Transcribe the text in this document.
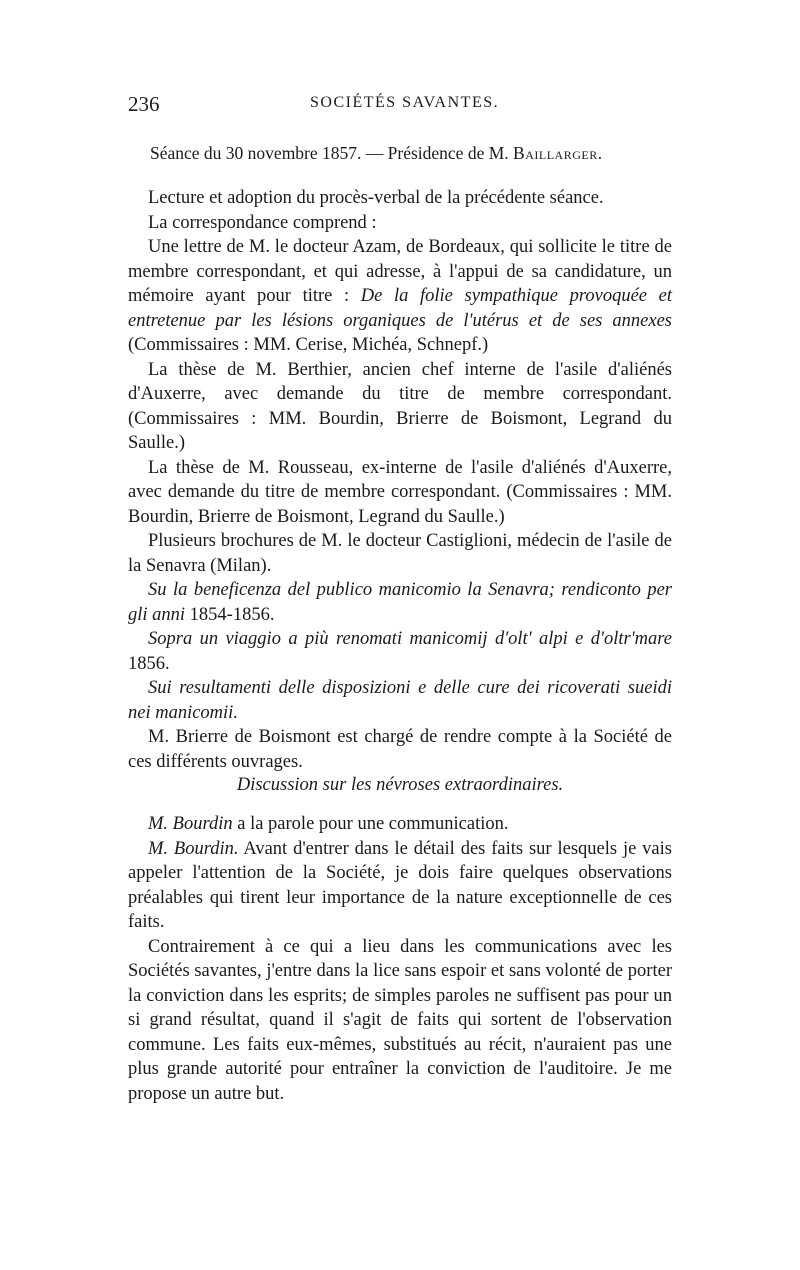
236	SOCIÉTÉS SAVANTES.
Séance du 30 novembre 1857. — Présidence de M. Baillarger.

Lecture et adoption du procès-verbal de la précédente séance.

La correspondance comprend :

Une lettre de M. le docteur Azam, de Bordeaux, qui sollicite le titre de membre correspondant, et qui adresse, à l'appui de sa candidature, un mémoire ayant pour titre : De la folie sympathique provoquée et entretenue par les lésions organiques de l'utérus et de ses annexes (Commissaires : MM. Cerise, Michéa, Schnepf.)

La thèse de M. Berthier, ancien chef interne de l'asile d'aliénés d'Auxerre, avec demande du titre de membre correspondant. (Commissaires : MM. Bourdin, Brierre de Boismont, Legrand du Saulle.)

La thèse de M. Rousseau, ex-interne de l'asile d'aliénés d'Auxerre, avec demande du titre de membre correspondant. (Commissaires : MM. Bourdin, Brierre de Boismont, Legrand du Saulle.)

Plusieurs brochures de M. le docteur Castiglioni, médecin de l'asile de la Senavra (Milan).

Su la beneficenza del publico manicomio la Senavra; rendiconto per gli anni 1854-1856.

Sopra un viaggio a più renomati manicomij d'olt' alpi e d'oltr'mare 1856.

Sui resultamenti delle disposizioni e delle cure dei ricoverati sueidi nei manicomii.

M. Brierre de Boismont est chargé de rendre compte à la Société de ces différents ouvrages.

Discussion sur les névroses extraordinaires.

M. Bourdin a la parole pour une communication.

M. Bourdin. Avant d'entrer dans le détail des faits sur lesquels je vais appeler l'attention de la Société, je dois faire quelques observations préalables qui tirent leur importance de la nature exceptionnelle de ces faits.

Contrairement à ce qui a lieu dans les communications avec les Sociétés savantes, j'entre dans la lice sans espoir et sans volonté de porter la conviction dans les esprits; de simples paroles ne suffisent pas pour un si grand résultat, quand il s'agit de faits qui sortent de l'observation commune. Les faits eux-mêmes, substitués au récit, n'auraient pas une plus grande autorité pour entraîner la conviction de l'auditoire. Je me propose un autre but.
